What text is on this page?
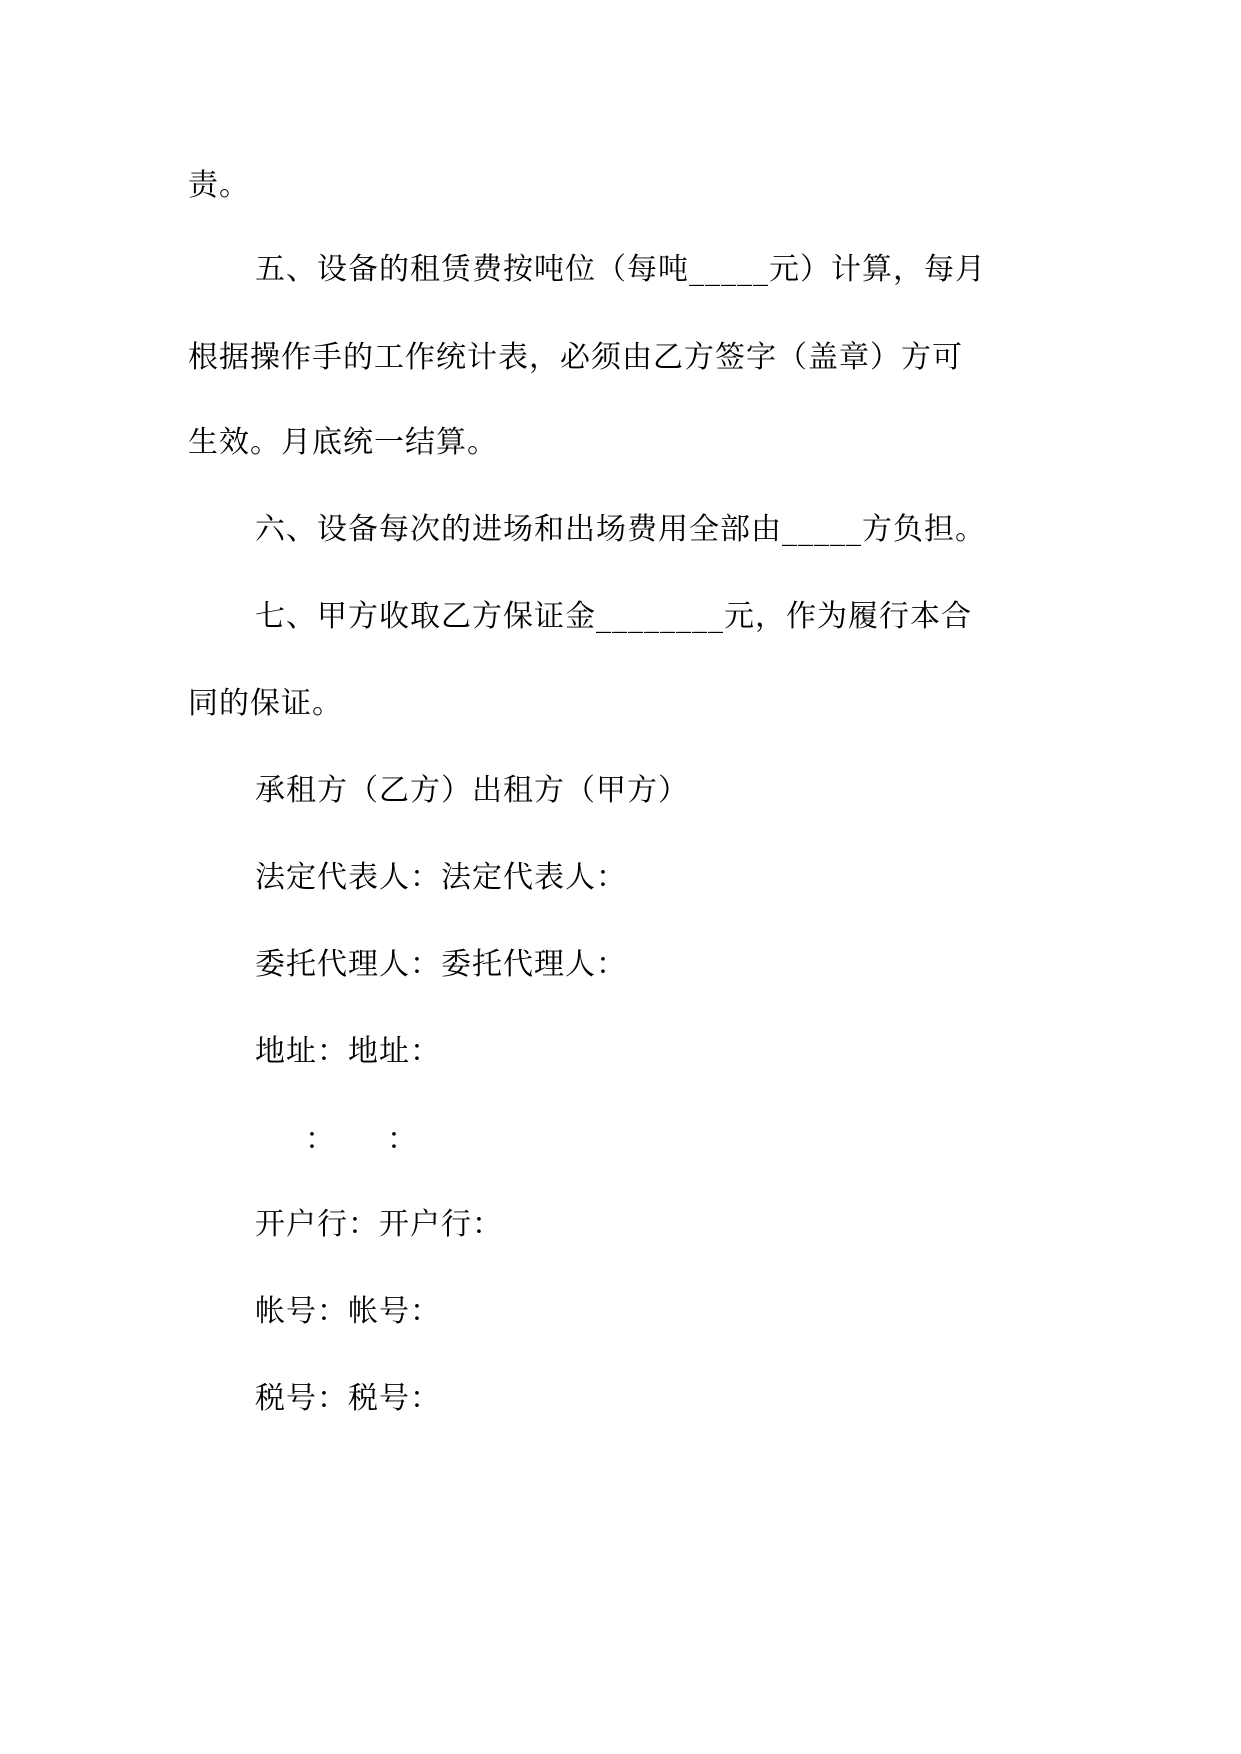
责。
五、设备的租赁费按吨位（每吨_____元）计算，每月
根据操作手的工作统计表，必须由乙方签字（盖章）方可
生效。月底统一结算。
六、设备每次的进场和出场费用全部由_____方负担。
七、甲方收取乙方保证金________元，作为履行本合
同的保证。
承租方（乙方）出租方（甲方）
法定代表人：法定代表人：
委托代理人：委托代理人：
地址：地址：
： ：
开户行：开户行：
帐号：帐号：
税号：税号：
